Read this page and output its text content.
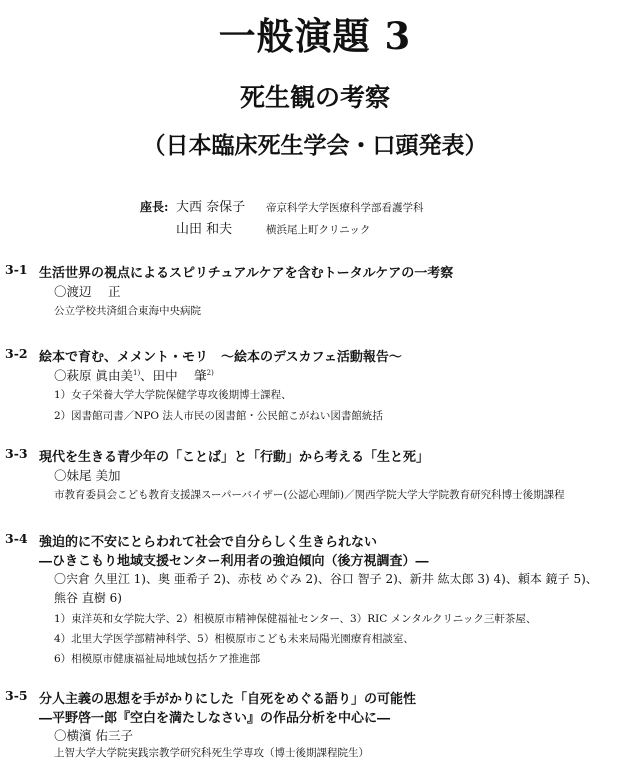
一般演題 3
死生観の考察
（日本臨床死生学会・口頭発表）
座長: 大西 奈保子	帝京科学大学医療科学部看護学科
山田 和夫	横浜尾上町クリニック
3-1 生活世界の視点によるスピリチュアルケアを含むトータルケアの一考察
〇渡辺　 正
公立学校共済組合東海中央病院
3-2 絵本で育む、メメント・モリ　～絵本のデスカフェ活動報告～
〇萩原 眞由美$^{1)}$、田中　 肇$^{2)}$
1）女子栄養大学大学院保健学専攻後期博士課程、
2）図書館司書／NPO 法人市民の図書館・公民館こがねい図書館統括
3-3 現代を生きる青少年の「ことば」と「行動」から考える「生と死」
〇妹尾 美加
市教育委員会こども教育支援課スーパーバイザー(公認心理師)／関西学院大学大学院教育研究科博士後期課程
3-4 強迫的に不安にとらわれて社会で自分らしく生きられない
―ひきこもり地域支援センター利用者の強迫傾向（後方視調査）―
〇宍倉 久里江 1)、奥 亜希子 2)、赤枝 めぐみ 2)、谷口 智子 2)、新井 紘太郎 3) 4)、頼本 鏡子 5)、
熊谷 直樹 6)
1）東洋英和女学院大学、2）相模原市精神保健福祉センター、3）RIC メンタルクリニック三軒茶屋、
4）北里大学医学部精神科学、5）相模原市こども未来局陽光園療育相談室、
6）相模原市健康福祉局地域包括ケア推進部
3-5 分人主義の思想を手がかりにした「自死をめぐる語り」の可能性
―平野啓一郎『空白を満たしなさい』の作品分析を中心に―
〇横濱 佑三子
上智大学大学院実践宗教学研究科死生学専攻（博士後期課程院生）
